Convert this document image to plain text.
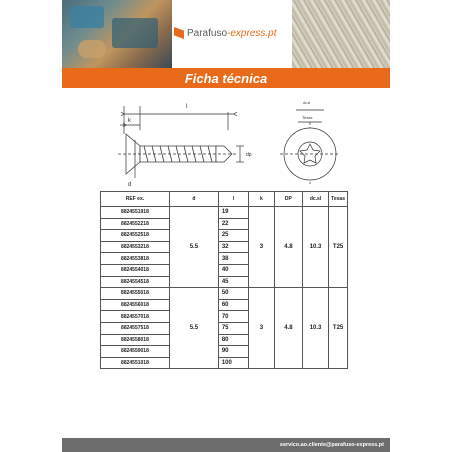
Parafuso -express.pt
Ficha técnica
l
k
dp
d
dc.sl
Texas
REF ex.	d	l	k	DP	dc.sl	Texas
8824551918	5.5	19	3	4.8	10.3	T25
8824552218		22				
8824552518		25				
8824553218		32				
8824553818		38				
8824554018		40				
8824554518		45				
8824555018	5.5	50	3	4.8	10.3	T25
8824556018		60				
8824557018		70				
8824557518		75				
8824558018		80				
8824559018		90				
8824551018		100				
servico.ao.cliente@parafuso-express.pt
